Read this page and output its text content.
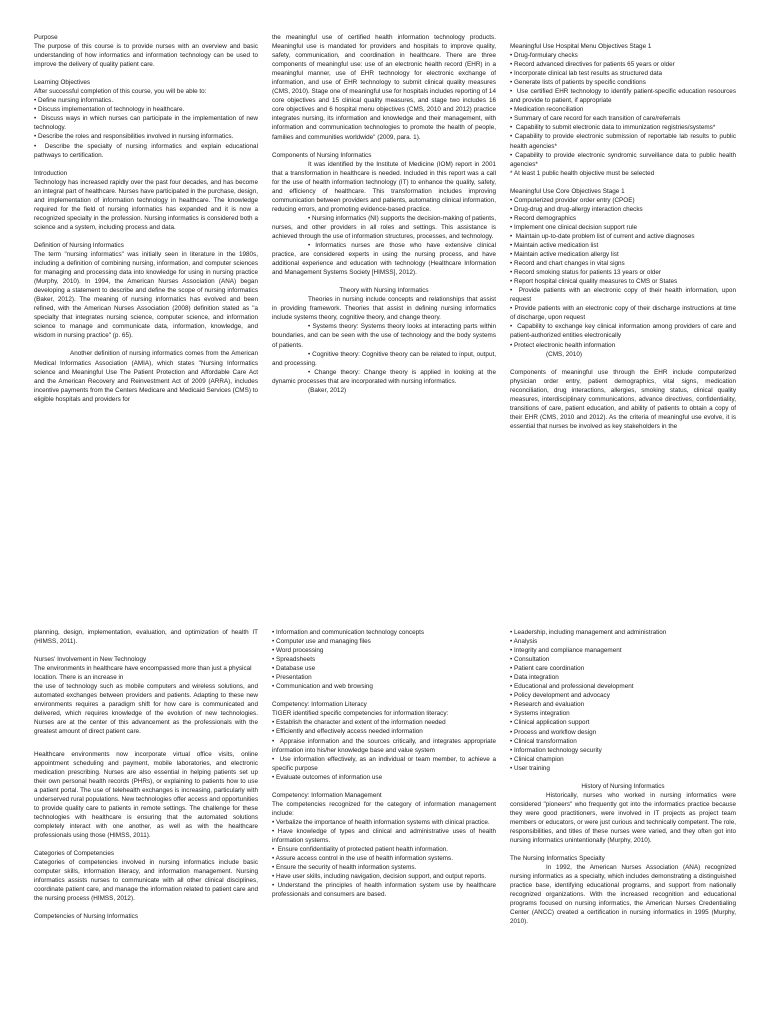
Purpose

The purpose of this course is to provide nurses with an overview and basic understanding of how informatics and information technology can be used to improve the delivery of quality patient care.

Learning Objectives

After successful completion of this course, you will be able to:

• Define nursing informatics.

• Discuss implementation of technology in healthcare.

•  Discuss ways in which nurses can participate in the implementation of new technology.

• Describe the roles and responsibilities involved in nursing informatics.

•  Describe the specialty of nursing informatics and explain educational pathways to certification.

Introduction

Technology has increased rapidly over the past four decades, and has become an integral part of healthcare. Nurses have participated in the purchase, design, and implementation of information technology in healthcare. The knowledge required for the field of nursing informatics has expanded and it is now a recognized specialty in the profession. Nursing informatics is considered both a science and a system, including process and data.

Definition of Nursing Informatics

The term "nursing informatics" was initially seen in literature in the 1980s, including a definition of combining nursing, information, and computer sciences for managing and processing data into knowledge for using in nursing practice (Murphy, 2010). In 1994, the American Nurses Association (ANA) began developing a statement to describe and define the scope of nursing informatics (Baker, 2012). The meaning of nursing informatics has evolved and been refined, with the American Nurses Association (2008) definition stated as "a specialty that integrates nursing science, computer science, and information science to manage and communicate data, information, knowledge, and wisdom in nursing practice" (p. 65).

Another definition of nursing informatics comes from the American Medical Informatics Association (AMIA), which states "Nursing Informatics science and Meaningful Use The Patient Protection and Affordable Care Act and the American Recovery and Reinvestment Act of 2009 (ARRA), includes incentive payments from the Centers Medicare and Medicaid Services (CMS) to eligible hospitals and providers for

the meaningful use of certified health information technology products. Meaningful use is mandated for providers and hospitals to improve quality, safety, communication, and coordination in healthcare. There are three components of meaningful use: use of an electronic health record (EHR) in a meaningful manner, use of EHR technology for electronic exchange of information, and use of EHR technology to submit clinical quality measures (CMS, 2010). Stage one of meaningful use for hospitals includes reporting of 14 core objectives and 15 clinical quality measures, and stage two includes 16 core objectives and 6 hospital menu objectives (CMS, 2010 and 2012) practice integrates nursing, its information and knowledge and their management, with information and communication technologies to promote the health of people, families and communities worldwide" (2009, para. 1).

Components of Nursing Informatics

It was identified by the Institute of Medicine (IOM) report in 2001 that a transformation in healthcare is needed. Included in this report was a call for the use of health information technology (IT) to enhance the quality, safety, and efficiency of healthcare. This transformation includes improving communication between providers and patients, automating clinical information, reducing errors, and promoting evidence-based practice.

• Nursing informatics (NI) supports the decision-making of patients, nurses, and other providers in all roles and settings. This assistance is achieved through the use of information structures, processes, and technology.

• Informatics nurses are those who have extensive clinical practice, are considered experts in using the nursing process, and have additional experience and education with technology (Healthcare Information and Management Systems Society [HIMSS], 2012).

Theory with Nursing Informatics

Theories in nursing include concepts and relationships that assist in providing framework. Theories that assist in defining nursing informatics include systems theory, cognitive theory, and change theory.

• Systems theory: Systems theory looks at interacting parts within boundaries, and can be seen with the use of technology and the body systems of patients.

• Cognitive theory: Cognitive theory can be related to input, output, and processing.

• Change theory: Change theory is applied in looking at the dynamic processes that are incorporated with nursing informatics.

(Baker, 2012)

Meaningful Use Hospital Menu Objectives Stage 1

• Drug-formulary checks

• Record advanced directives for patients 65 years or older

• Incorporate clinical lab test results as structured data

• Generate lists of patients by specific conditions

•  Use certified EHR technology to identify patient-specific education resources and provide to patient, if appropriate

• Medication reconciliation

• Summary of care record for each transition of care/referrals

•  Capability to submit electronic data to immunization registries/systems*

• Capability to provide electronic submission of reportable lab results to public health agencies*

• Capability to provide electronic syndromic surveillance data to public health agencies*

* At least 1 public health objective must be selected

Meaningful Use Core Objectives Stage 1

• Computerized provider order entry (CPOE)

• Drug-drug and drug-allergy interaction checks

• Record demographics

• Implement one clinical decision support rule

•  Maintain up-to-date problem list of current and active diagnoses

• Maintain active medication list

• Maintain active medication allergy list

• Record and chart changes in vital signs

• Record smoking status for patients 13 years or older

• Report hospital clinical quality measures to CMS or States

•  Provide patients with an electronic copy of their health information, upon request

• Provide patients with an electronic copy of their discharge instructions at time of discharge, upon request

•  Capability to exchange key clinical information among providers of care and patient-authorized entities electronically

• Protect electronic health information

(CMS, 2010)

Components of meaningful use through the EHR include computerized physician order entry, patient demographics, vital signs, medication reconciliation, drug interactions, allergies, smoking status, clinical quality measures, interdisciplinary communications, advance directives, confidentiality, transitions of care, patient education, and ability of patients to obtain a copy of their EHR (CMS, 2010 and 2012). As the criteria of meaningful use evolve, it is essential that nurses be involved as key stakeholders in the

planning, design, implementation, evaluation, and optimization of health IT (HIMSS, 2011).

Nurses' Involvement in New Technology

The environments in healthcare have encompassed more than just a physical location. There is an increase in

the use of technology such as mobile computers and wireless solutions, and automated exchanges between providers and patients. Adapting to these new environments requires a paradigm shift for how care is communicated and delivered, which requires knowledge of the evolution of new technologies. Nurses are at the center of this advancement as the professionals with the greatest amount of direct patient care.

Healthcare environments now incorporate virtual office visits, online appointment scheduling and payment, mobile laboratories, and electronic medication prescribing. Nurses are also essential in helping patients set up their own personal health records (PHRs), or explaining to patients how to use a patient portal. The use of telehealth exchanges is increasing, particularly with underserved rural populations. New technologies offer access and opportunities to provide quality care to patients in remote settings. The challenge for these technologies with healthcare is ensuring that the automated solutions completely interact with one another, as well as with the healthcare professionals using those (HIMSS, 2011).

Categories of Competencies

Categories of competencies involved in nursing informatics include basic computer skills, information literacy, and information management. Nursing informatics assists nurses to communicate with all other clinical disciplines, coordinate patient care, and manage the information related to patient care and the nursing process (HIMSS, 2012).

Competencies of Nursing Informatics

• Information and communication technology concepts

• Computer use and managing files

• Word processing

• Spreadsheets

• Database use

• Presentation

• Communication and web browsing

Competency: Information Literacy

TIGER identified specific competencies for information literacy:

• Establish the character and extent of the information needed

• Efficiently and effectively access needed information

•  Appraise information and the sources critically, and integrates appropriate information into his/her knowledge base and value system

•  Use information effectively, as an individual or team member, to achieve a specific purpose

• Evaluate outcomes of information use

Competency: Information Management

The competencies recognized for the category of information management include:

• Verbalize the importance of health information systems with clinical practice.

• Have knowledge of types and clinical and administrative uses of health information systems.

•  Ensure confidentiality of protected patient health information.

• Assure access control in the use of health information systems.

• Ensure the security of health information systems.

• Have user skills, including navigation, decision support, and output reports.

• Understand the principles of health information system use by healthcare professionals and consumers are based.

• Leadership, including management and administration

• Analysis

• Integrity and compliance management

• Consultation

• Patient care coordination

• Data integration

• Educational and professional development

• Policy development and advocacy

• Research and evaluation

• Systems integration

• Clinical application support

• Process and workflow design

• Clinical transformation

• Information technology security

• Clinical champion

• User training

History of Nursing Informatics

Historically, nurses who worked in nursing informatics were considered "pioneers" who frequently got into the informatics practice because they were good practitioners, were involved in IT projects as project team members or educators, or were just curious and technically competent. The role, responsibilities, and titles of these nurses were varied, and they often got into nursing informatics unintentionally (Murphy, 2010).

The Nursing Informatics Specialty

In 1992, the American Nurses Association (ANA) recognized nursing informatics as a specialty, which includes demonstrating a distinguished practice base, identifying educational programs, and support from nationally recognized organizations. With the increased recognition and educational programs focused on nursing informatics, the American Nurses Credentialing Center (ANCC) created a certification in nursing informatics in 1995 (Murphy, 2010).
